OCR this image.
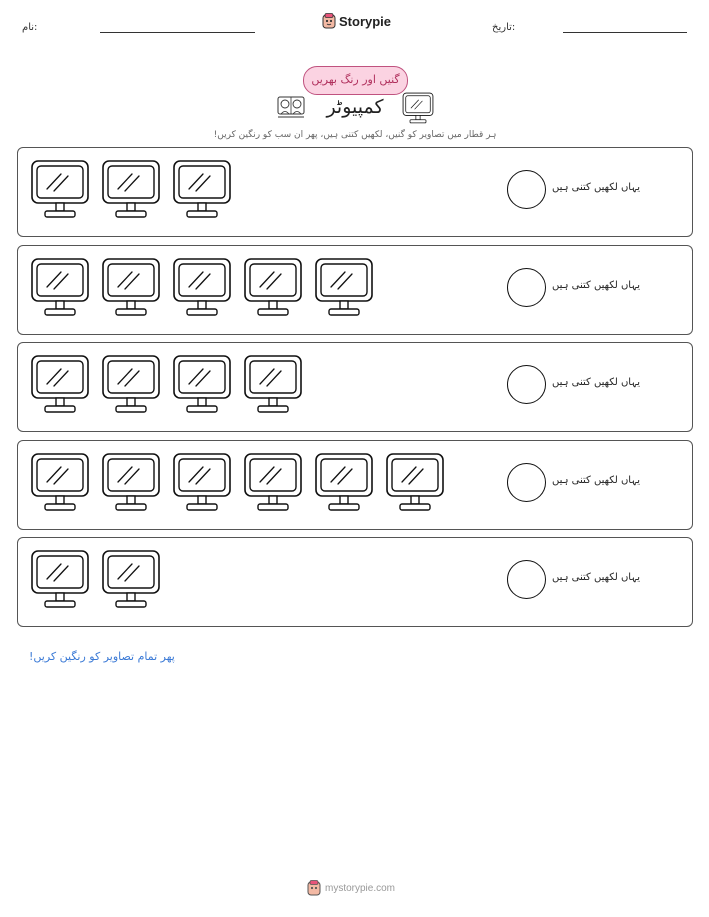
نام:	Storypie	تاریخ:
گنیں اور رنگ بھریں
کمپیوٹر
ہر قطار میں تصاویر کو گنیں، لکھیں کتنی ہیں، پھر ان سب کو رنگین کریں!
یہاں لکھیں کتنی ہیں
یہاں لکھیں کتنی ہیں
یہاں لکھیں کتنی ہیں
یہاں لکھیں کتنی ہیں
یہاں لکھیں کتنی ہیں
پھر تمام تصاویر کو رنگین کریں!
mystorypie.com
